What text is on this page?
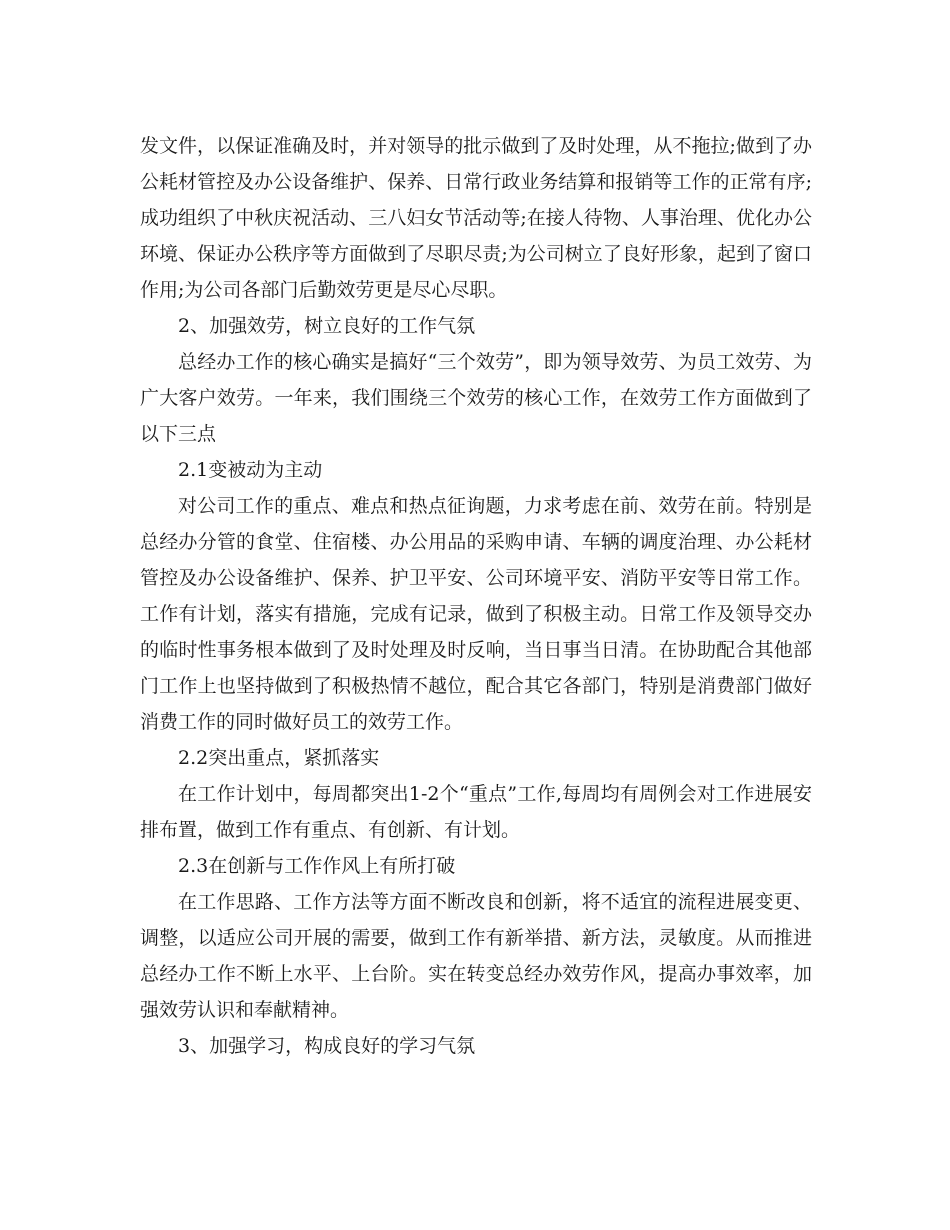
发文件，以保证准确及时，并对领导的批示做到了及时处理，从不拖拉;做到了办公耗材管控及办公设备维护、保养、日常行政业务结算和报销等工作的正常有序;成功组织了中秋庆祝活动、三八妇女节活动等;在接人待物、人事治理、优化办公环境、保证办公秩序等方面做到了尽职尽责;为公司树立了良好形象，起到了窗口作用;为公司各部门后勤效劳更是尽心尽职。

2、加强效劳，树立良好的工作气氛

总经办工作的核心确实是搞好“三个效劳”，即为领导效劳、为员工效劳、为广大客户效劳。一年来，我们围绕三个效劳的核心工作，在效劳工作方面做到了以下三点

2.1变被动为主动

对公司工作的重点、难点和热点征询题，力求考虑在前、效劳在前。特别是总经办分管的食堂、住宿楼、办公用品的采购申请、车辆的调度治理、办公耗材管控及办公设备维护、保养、护卫平安、公司环境平安、消防平安等日常工作。工作有计划，落实有措施，完成有记录，做到了积极主动。日常工作及领导交办的临时性事务根本做到了及时处理及时反响，当日事当日清。在协助配合其他部门工作上也坚持做到了积极热情不越位，配合其它各部门，特别是消费部门做好消费工作的同时做好员工的效劳工作。

2.2突出重点，紧抓落实

在工作计划中，每周都突出1-2个“重点”工作,每周均有周例会对工作进展安排布置，做到工作有重点、有创新、有计划。

2.3在创新与工作作风上有所打破

在工作思路、工作方法等方面不断改良和创新，将不适宜的流程进展变更、调整，以适应公司开展的需要，做到工作有新举措、新方法，灵敏度。从而推进总经办工作不断上水平、上台阶。实在转变总经办效劳作风，提高办事效率，加强效劳认识和奉献精神。

3、加强学习，构成良好的学习气氛
